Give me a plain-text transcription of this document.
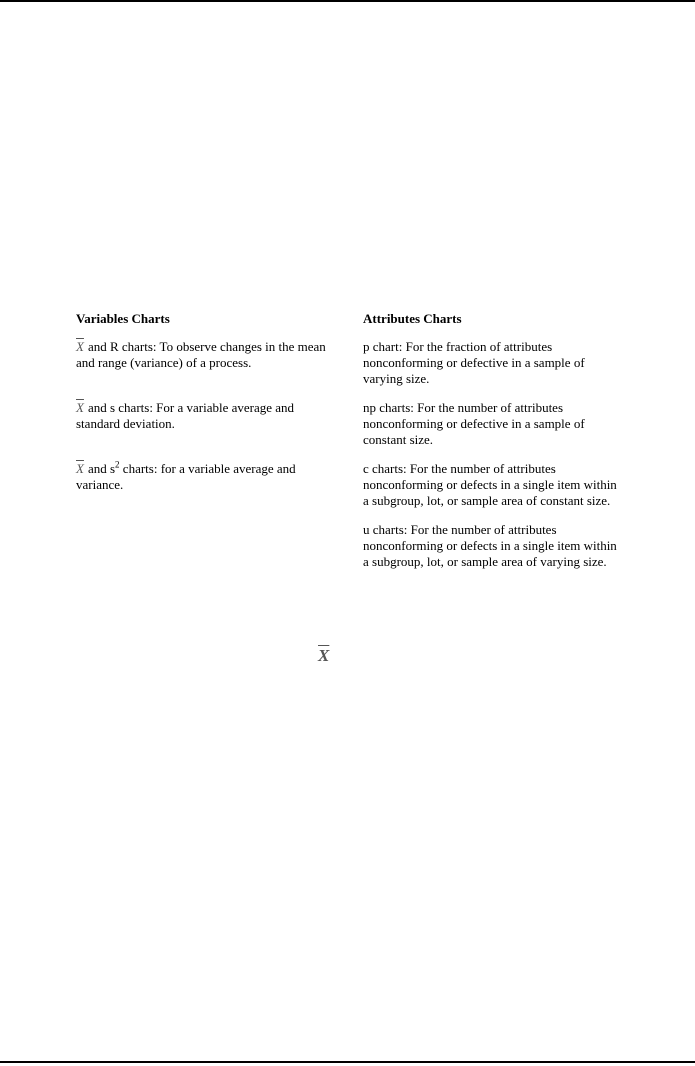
Variables Charts

$\overline{X}$ and R charts: To observe changes in the mean and range (variance) of a process.

$\overline{X}$ and s charts: For a variable average and standard deviation.

$\overline{X}$ and $s^2$ charts: for a variable average and variance.

Attributes Charts

p chart: For the fraction of attributes nonconforming or defective in a sample of varying size.

np charts: For the number of attributes nonconforming or defective in a sample of constant size.

c charts: For the number of attributes nonconforming or defects in a single item within a subgroup, lot, or sample area of constant size.

u charts: For the number of attributes nonconforming or defects in a single item within a subgroup, lot, or sample area of varying size.

$\overline{X}$
